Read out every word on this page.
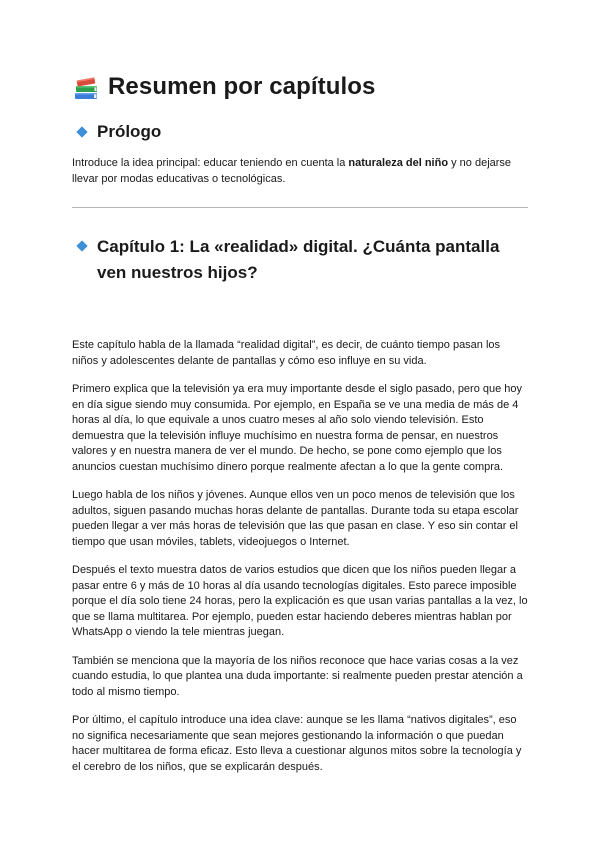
Resumen por capítulos
Prólogo

Introduce la idea principal: educar teniendo en cuenta la naturaleza del niño y no dejarse llevar por modas educativas o tecnológicas.

Capítulo 1: La «realidad» digital. ¿Cuánta pantalla ven nuestros hijos?

Este capítulo habla de la llamada “realidad digital”, es decir, de cuánto tiempo pasan los niños y adolescentes delante de pantallas y cómo eso influye en su vida.

Primero explica que la televisión ya era muy importante desde el siglo pasado, pero que hoy en día sigue siendo muy consumida. Por ejemplo, en España se ve una media de más de 4 horas al día, lo que equivale a unos cuatro meses al año solo viendo televisión. Esto demuestra que la televisión influye muchísimo en nuestra forma de pensar, en nuestros valores y en nuestra manera de ver el mundo. De hecho, se pone como ejemplo que los anuncios cuestan muchísimo dinero porque realmente afectan a lo que la gente compra.

Luego habla de los niños y jóvenes. Aunque ellos ven un poco menos de televisión que los adultos, siguen pasando muchas horas delante de pantallas. Durante toda su etapa escolar pueden llegar a ver más horas de televisión que las que pasan en clase. Y eso sin contar el tiempo que usan móviles, tablets, videojuegos o Internet.

Después el texto muestra datos de varios estudios que dicen que los niños pueden llegar a pasar entre 6 y más de 10 horas al día usando tecnologías digitales. Esto parece imposible porque el día solo tiene 24 horas, pero la explicación es que usan varias pantallas a la vez, lo que se llama multitarea. Por ejemplo, pueden estar haciendo deberes mientras hablan por WhatsApp o viendo la tele mientras juegan.

También se menciona que la mayoría de los niños reconoce que hace varias cosas a la vez cuando estudia, lo que plantea una duda importante: si realmente pueden prestar atención a todo al mismo tiempo.

Por último, el capítulo introduce una idea clave: aunque se les llama “nativos digitales”, eso no significa necesariamente que sean mejores gestionando la información o que puedan hacer multitarea de forma eficaz. Esto lleva a cuestionar algunos mitos sobre la tecnología y el cerebro de los niños, que se explicarán después.
